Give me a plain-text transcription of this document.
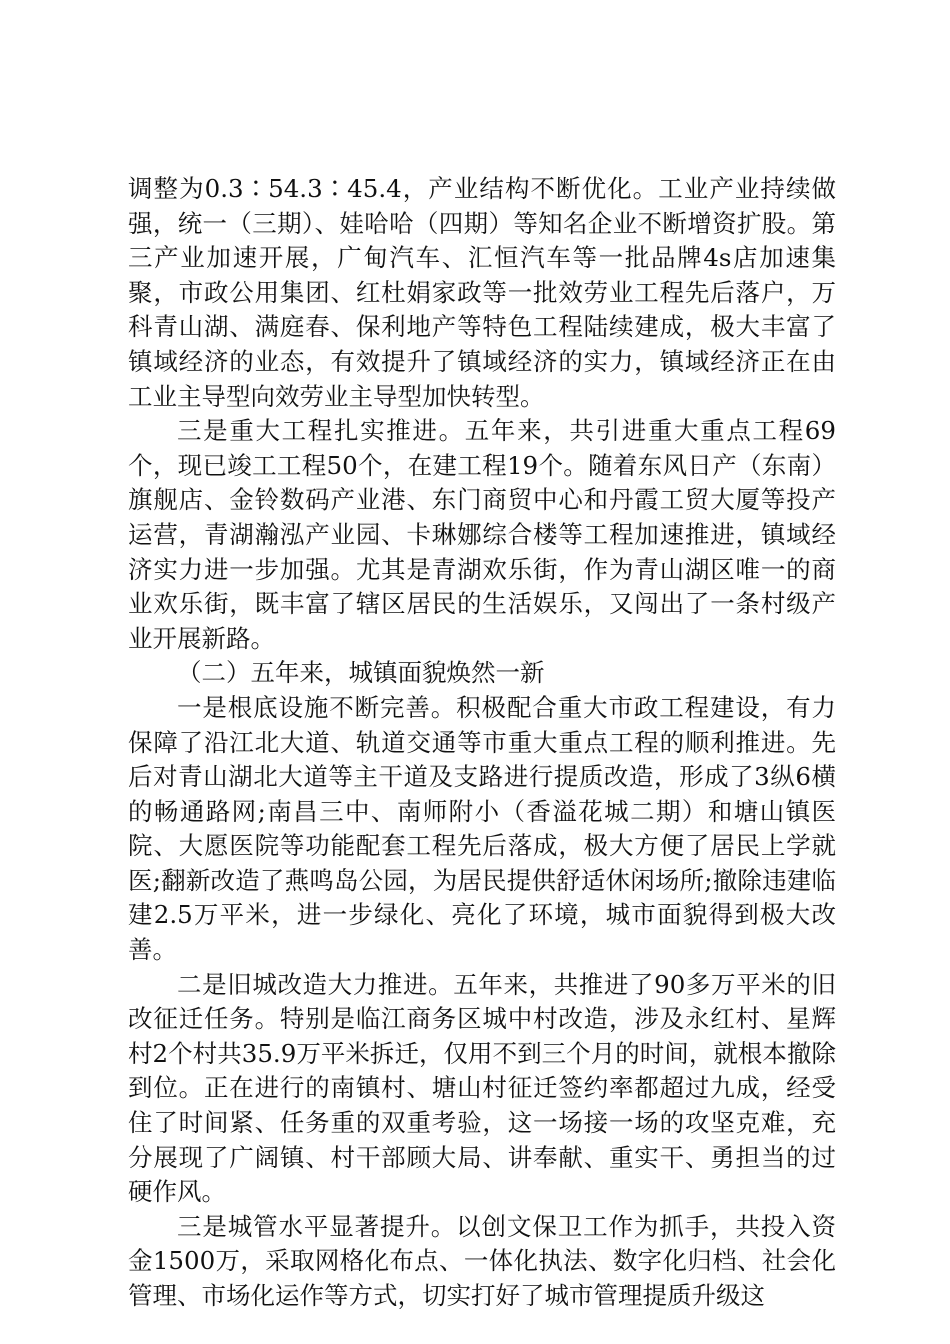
调整为0.3∶54.3∶45.4，产业结构不断优化。工业产业持续做强，统一（三期）、娃哈哈（四期）等知名企业不断增资扩股。第三产业加速开展，广甸汽车、汇恒汽车等一批品牌4s店加速集聚，市政公用集团、红杜娟家政等一批效劳业工程先后落户，万科青山湖、满庭春、保利地产等特色工程陆续建成，极大丰富了镇域经济的业态，有效提升了镇域经济的实力，镇域经济正在由工业主导型向效劳业主导型加快转型。

三是重大工程扎实推进。五年来，共引进重大重点工程69个，现已竣工工程50个，在建工程19个。随着东风日产（东南）旗舰店、金铃数码产业港、东门商贸中心和丹霞工贸大厦等投产运营，青湖瀚泓产业园、卡琳娜综合楼等工程加速推进，镇域经济实力进一步加强。尤其是青湖欢乐街，作为青山湖区唯一的商业欢乐街，既丰富了辖区居民的生活娱乐，又闯出了一条村级产业开展新路。

（二）五年来，城镇面貌焕然一新

一是根底设施不断完善。积极配合重大市政工程建设，有力保障了沿江北大道、轨道交通等市重大重点工程的顺利推进。先后对青山湖北大道等主干道及支路进行提质改造，形成了3纵6横的畅通路网;南昌三中、南师附小（香溢花城二期）和塘山镇医院、大愿医院等功能配套工程先后落成，极大方便了居民上学就医;翻新改造了燕鸣岛公园，为居民提供舒适休闲场所;撤除违建临建2.5万平米，进一步绿化、亮化了环境，城市面貌得到极大改善。

二是旧城改造大力推进。五年来，共推进了90多万平米的旧改征迁任务。特别是临江商务区城中村改造，涉及永红村、星辉村2个村共35.9万平米拆迁，仅用不到三个月的时间，就根本撤除到位。正在进行的南镇村、塘山村征迁签约率都超过九成，经受住了时间紧、任务重的双重考验，这一场接一场的攻坚克难，充分展现了广阔镇、村干部顾大局、讲奉献、重实干、勇担当的过硬作风。

三是城管水平显著提升。以创文保卫工作为抓手，共投入资金1500万，采取网格化布点、一体化执法、数字化归档、社会化管理、市场化运作等方式，切实打好了城市管理提质升级这
